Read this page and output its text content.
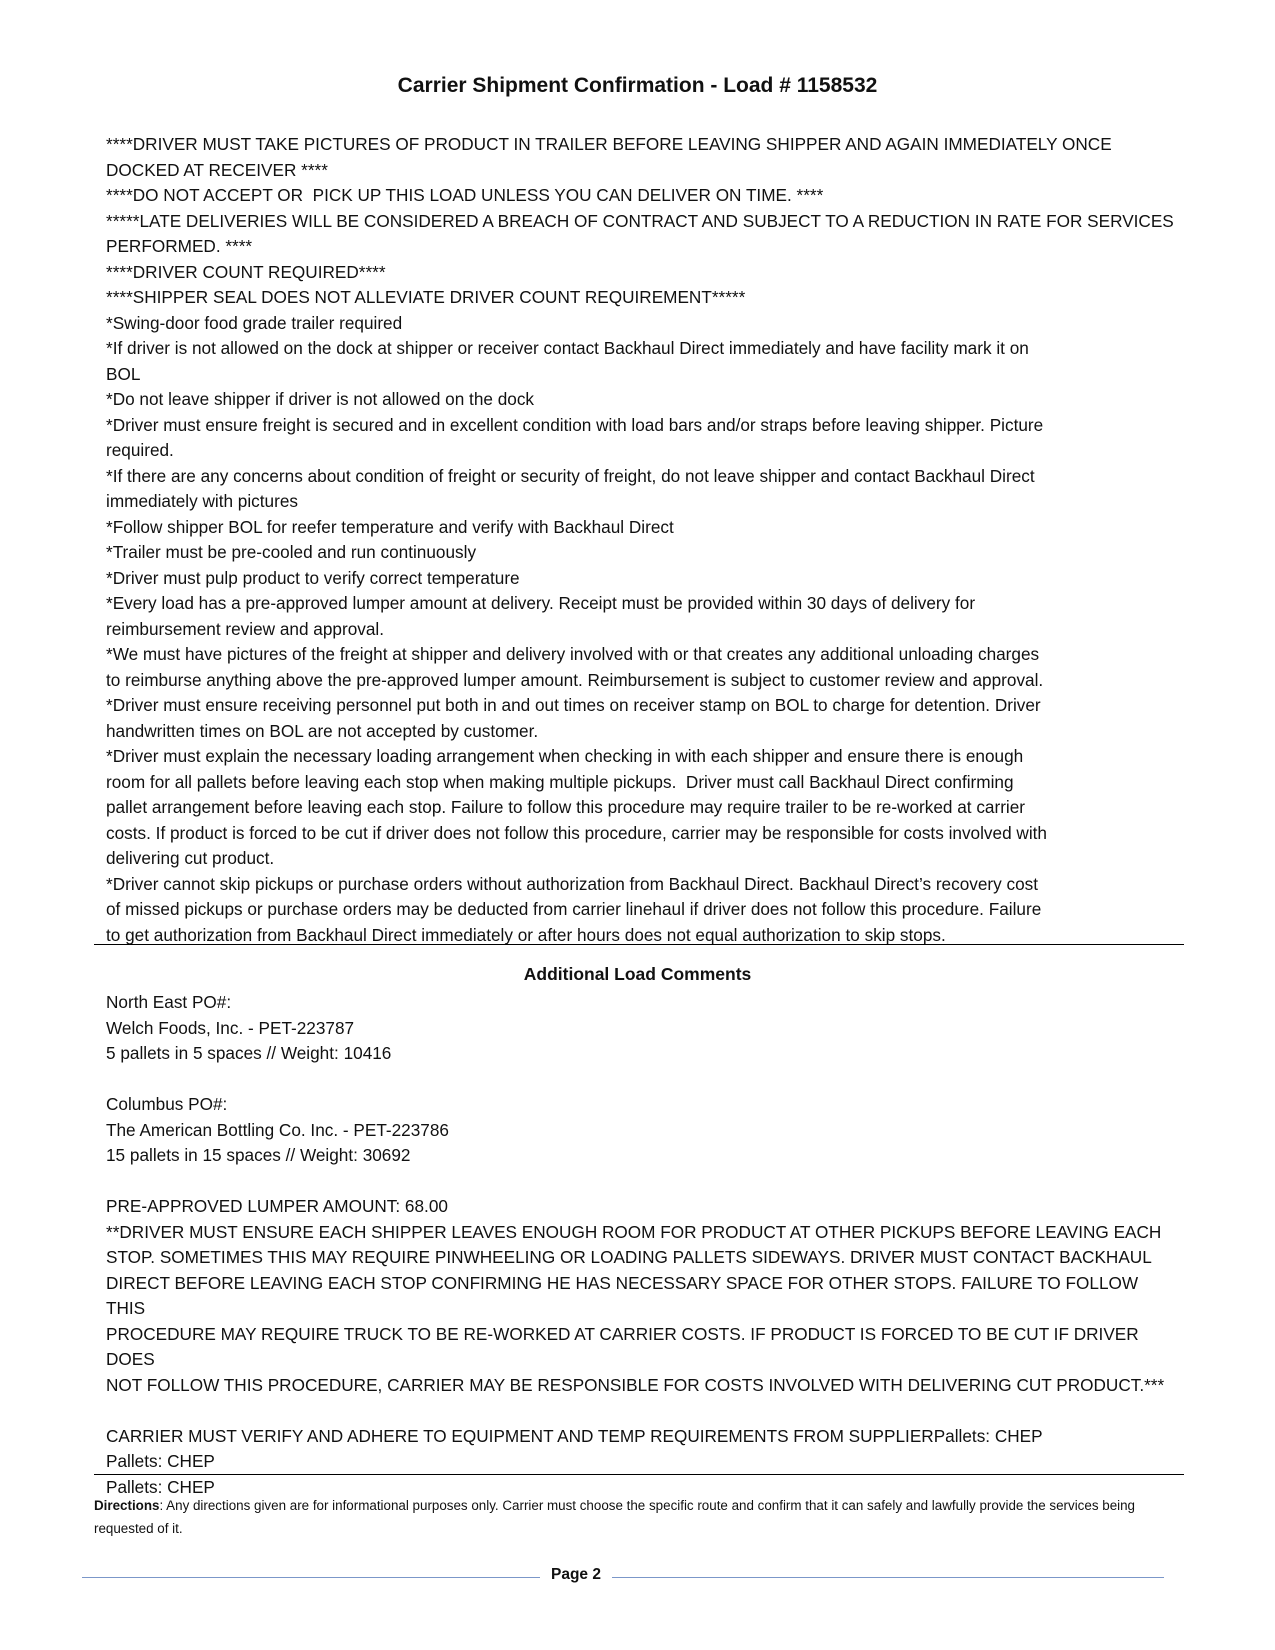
Carrier Shipment Confirmation - Load # 1158532
****DRIVER MUST TAKE PICTURES OF PRODUCT IN TRAILER BEFORE LEAVING SHIPPER AND AGAIN IMMEDIATELY ONCE
DOCKED AT RECEIVER ****
****DO NOT ACCEPT OR  PICK UP THIS LOAD UNLESS YOU CAN DELIVER ON TIME. ****
*****LATE DELIVERIES WILL BE CONSIDERED A BREACH OF CONTRACT AND SUBJECT TO A REDUCTION IN RATE FOR SERVICES
PERFORMED. ****
****DRIVER COUNT REQUIRED****
****SHIPPER SEAL DOES NOT ALLEVIATE DRIVER COUNT REQUIREMENT*****
*Swing-door food grade trailer required
*If driver is not allowed on the dock at shipper or receiver contact Backhaul Direct immediately and have facility mark it on
BOL
*Do not leave shipper if driver is not allowed on the dock
*Driver must ensure freight is secured and in excellent condition with load bars and/or straps before leaving shipper. Picture
required.
*If there are any concerns about condition of freight or security of freight, do not leave shipper and contact Backhaul Direct
immediately with pictures
*Follow shipper BOL for reefer temperature and verify with Backhaul Direct
*Trailer must be pre-cooled and run continuously
*Driver must pulp product to verify correct temperature
*Every load has a pre-approved lumper amount at delivery. Receipt must be provided within 30 days of delivery for
reimbursement review and approval.
*We must have pictures of the freight at shipper and delivery involved with or that creates any additional unloading charges
to reimburse anything above the pre-approved lumper amount. Reimbursement is subject to customer review and approval.
*Driver must ensure receiving personnel put both in and out times on receiver stamp on BOL to charge for detention. Driver
handwritten times on BOL are not accepted by customer.
*Driver must explain the necessary loading arrangement when checking in with each shipper and ensure there is enough
room for all pallets before leaving each stop when making multiple pickups.  Driver must call Backhaul Direct confirming
pallet arrangement before leaving each stop. Failure to follow this procedure may require trailer to be re-worked at carrier
costs. If product is forced to be cut if driver does not follow this procedure, carrier may be responsible for costs involved with
delivering cut product.
*Driver cannot skip pickups or purchase orders without authorization from Backhaul Direct. Backhaul Direct’s recovery cost
of missed pickups or purchase orders may be deducted from carrier linehaul if driver does not follow this procedure. Failure
to get authorization from Backhaul Direct immediately or after hours does not equal authorization to skip stops.
Additional Load Comments
North East PO#:
Welch Foods, Inc. - PET-223787
5 pallets in 5 spaces // Weight: 10416
Columbus PO#:
The American Bottling Co. Inc. - PET-223786
15 pallets in 15 spaces // Weight: 30692
PRE-APPROVED LUMPER AMOUNT: 68.00
**DRIVER MUST ENSURE EACH SHIPPER LEAVES ENOUGH ROOM FOR PRODUCT AT OTHER PICKUPS BEFORE LEAVING EACH
STOP. SOMETIMES THIS MAY REQUIRE PINWHEELING OR LOADING PALLETS SIDEWAYS. DRIVER MUST CONTACT BACKHAUL
DIRECT BEFORE LEAVING EACH STOP CONFIRMING HE HAS NECESSARY SPACE FOR OTHER STOPS. FAILURE TO FOLLOW THIS
PROCEDURE MAY REQUIRE TRUCK TO BE RE-WORKED AT CARRIER COSTS. IF PRODUCT IS FORCED TO BE CUT IF DRIVER DOES
NOT FOLLOW THIS PROCEDURE, CARRIER MAY BE RESPONSIBLE FOR COSTS INVOLVED WITH DELIVERING CUT PRODUCT.***
CARRIER MUST VERIFY AND ADHERE TO EQUIPMENT AND TEMP REQUIREMENTS FROM SUPPLIERPallets: CHEP
Pallets: CHEP
Pallets: CHEP
Directions: Any directions given are for informational purposes only. Carrier must choose the specific route and confirm that it can safely and lawfully provide the services being requested of it.
Page 2
